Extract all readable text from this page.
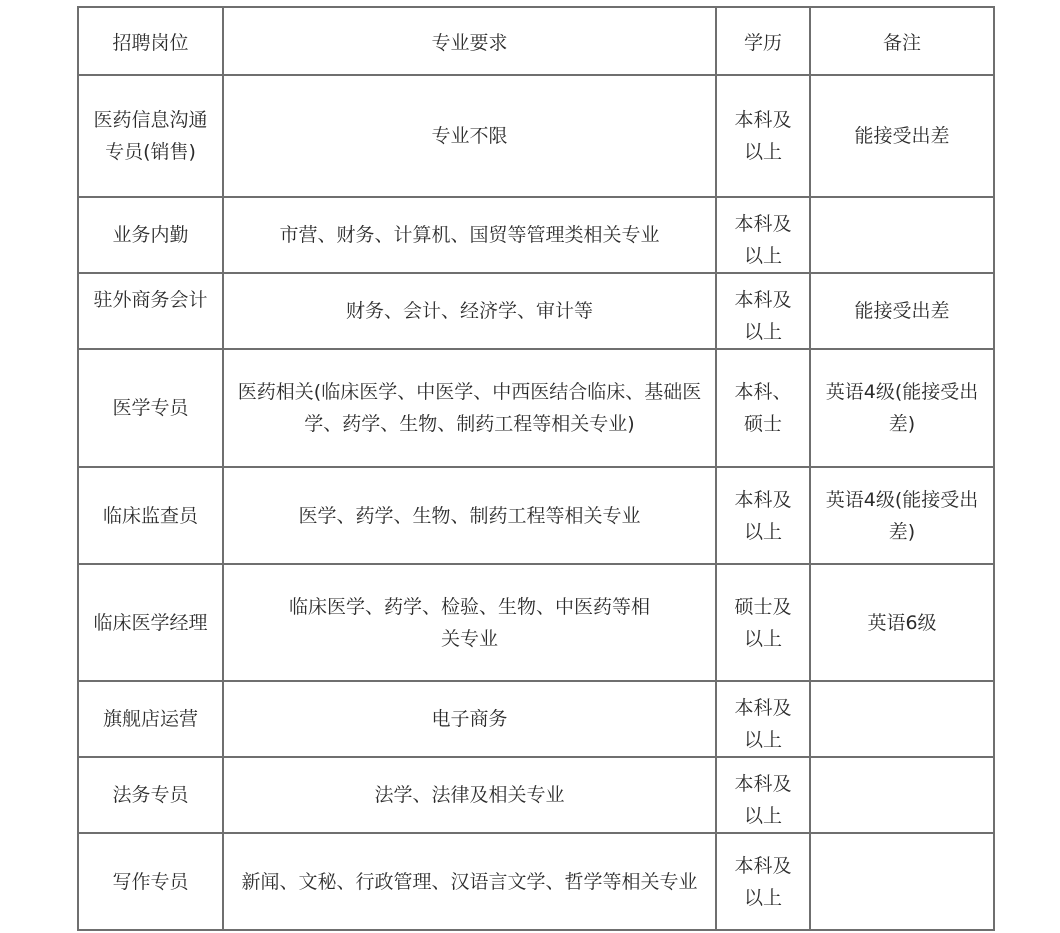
招聘岗位	专业要求	学历	备注
医药信息沟通专员(销售)	专业不限	本科及以上	能接受出差

业务内勤	市营、财务、计算机、国贸等管理类相关专业	本科及以上	

驻外商务会计	财务、会计、经济学、审计等	本科及以上	能接受出差
医学专员	医药相关(临床医学、中医学、中西医结合临床、基础医学、药学、生物、制药工程等相关专业)	本科、硕士	英语4级(能接受出差)
临床监查员	医学、药学、生物、制药工程等相关专业	本科及以上	英语4级(能接受出差)
临床医学经理	临床医学、药学、检验、生物、中医药等相关专业	硕士及以上	英语6级
旗舰店运营	电子商务	本科及以上	

法务专员	法学、法律及相关专业	本科及以上	

写作专员	新闻、文秘、行政管理、汉语言文学、哲学等相关专业	本科及以上	
